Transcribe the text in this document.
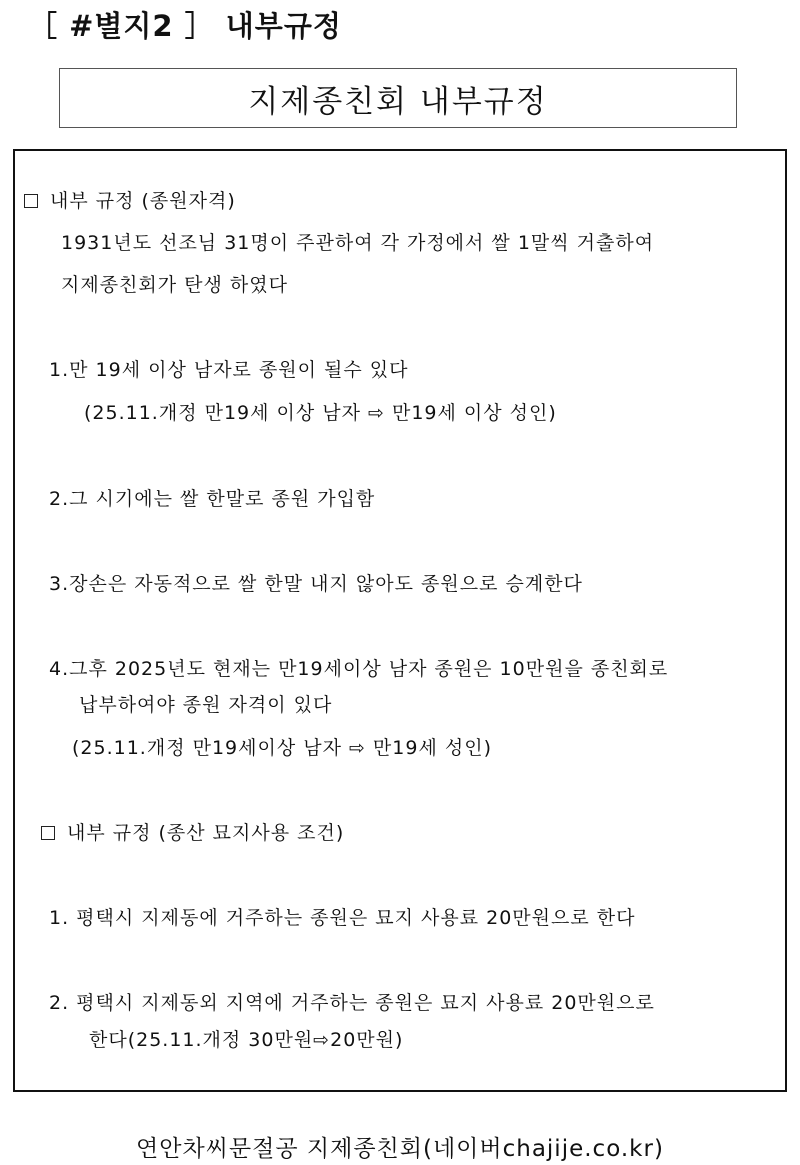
［ #별지2 ］ 내부규정
지제종친회 내부규정
내부 규정 (종원자격)
1931년도 선조님 31명이 주관하여 각 가정에서 쌀 1말씩 거출하여
지제종친회가 탄생 하였다
1.만 19세 이상 남자로 종원이 될수 있다
(25.11.개정 만19세 이상 남자 ⇨ 만19세 이상 성인)
2.그 시기에는 쌀 한말로 종원 가입함
3.장손은 자동적으로 쌀 한말 내지 않아도 종원으로 승계한다
4.그후 2025년도 현재는 만19세이상 남자 종원은 10만원을 종친회로
납부하여야 종원 자격이 있다
(25.11.개정 만19세이상 남자 ⇨ 만19세 성인)
내부 규정 (종산 묘지사용 조건)
1. 평택시 지제동에 거주하는 종원은 묘지 사용료 20만원으로 한다
2. 평택시 지제동외 지역에 거주하는 종원은 묘지 사용료 20만원으로
한다(25.11.개정 30만원⇨20만원)
연안차씨문절공 지제종친회(네이버chajije.co.kr)
